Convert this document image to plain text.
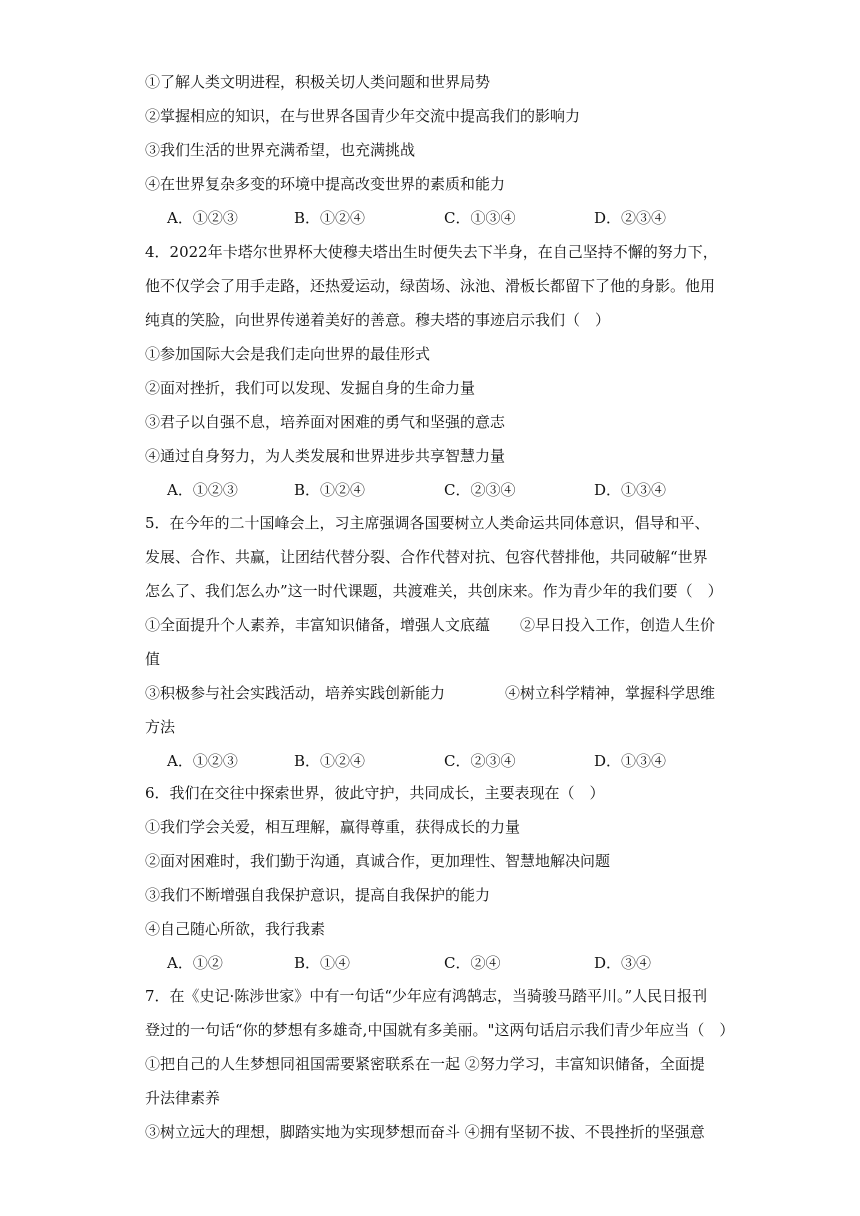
①了解人类文明进程，积极关切人类问题和世界局势
②掌握相应的知识，在与世界各国青少年交流中提高我们的影响力
③我们生活的世界充满希望，也充满挑战
④在世界复杂多变的环境中提高改变世界的素质和能力
A．①②③	B．①②④	C．①③④	D．②③④
4．2022年卡塔尔世界杯大使穆夫塔出生时便失去下半身，在自己坚持不懈的努力下，
他不仅学会了用手走路，还热爱运动，绿茵场、泳池、滑板长都留下了他的身影。他用
纯真的笑脸，向世界传递着美好的善意。穆夫塔的事迹启示我们（　）
①参加国际大会是我们走向世界的最佳形式
②面对挫折，我们可以发现、发掘自身的生命力量
③君子以自强不息，培养面对困难的勇气和坚强的意志
④通过自身努力，为人类发展和世界进步共享智慧力量
A．①②③	B．①②④	C．②③④	D．①③④
5．在今年的二十国峰会上，习主席强调各国要树立人类命运共同体意识，倡导和平、
发展、合作、共赢，让团结代替分裂、合作代替对抗、包容代替排他，共同破解“世界
怎么了、我们怎么办”这一时代课题，共渡难关，共创床来。作为青少年的我们要（　）
①全面提升个人素养，丰富知识储备，增强人文底蕴　　②早日投入工作，创造人生价
值
③积极参与社会实践活动，培养实践创新能力　　　　④树立科学精神，掌握科学思维
方法
A．①②③	B．①②④	C．②③④	D．①③④
6．我们在交往中探索世界，彼此守护，共同成长，主要表现在（　）
①我们学会关爱，相互理解，赢得尊重，获得成长的力量
②面对困难时，我们勤于沟通，真诚合作，更加理性、智慧地解决问题
③我们不断增强自我保护意识，提高自我保护的能力
④自己随心所欲，我行我素
A．①②	B．①④	C．②④	D．③④
7．在《史记·陈涉世家》中有一句话“少年应有鸿鹄志，当骑骏马踏平川。”人民日报刊
登过的一句话“你的梦想有多雄奇,中国就有多美丽。"这两句话启示我们青少年应当（　）
①把自己的人生梦想同祖国需要紧密联系在一起 ②努力学习，丰富知识储备，全面提
升法律素养
③树立远大的理想，脚踏实地为实现梦想而奋斗 ④拥有坚韧不拔、不畏挫折的坚强意
